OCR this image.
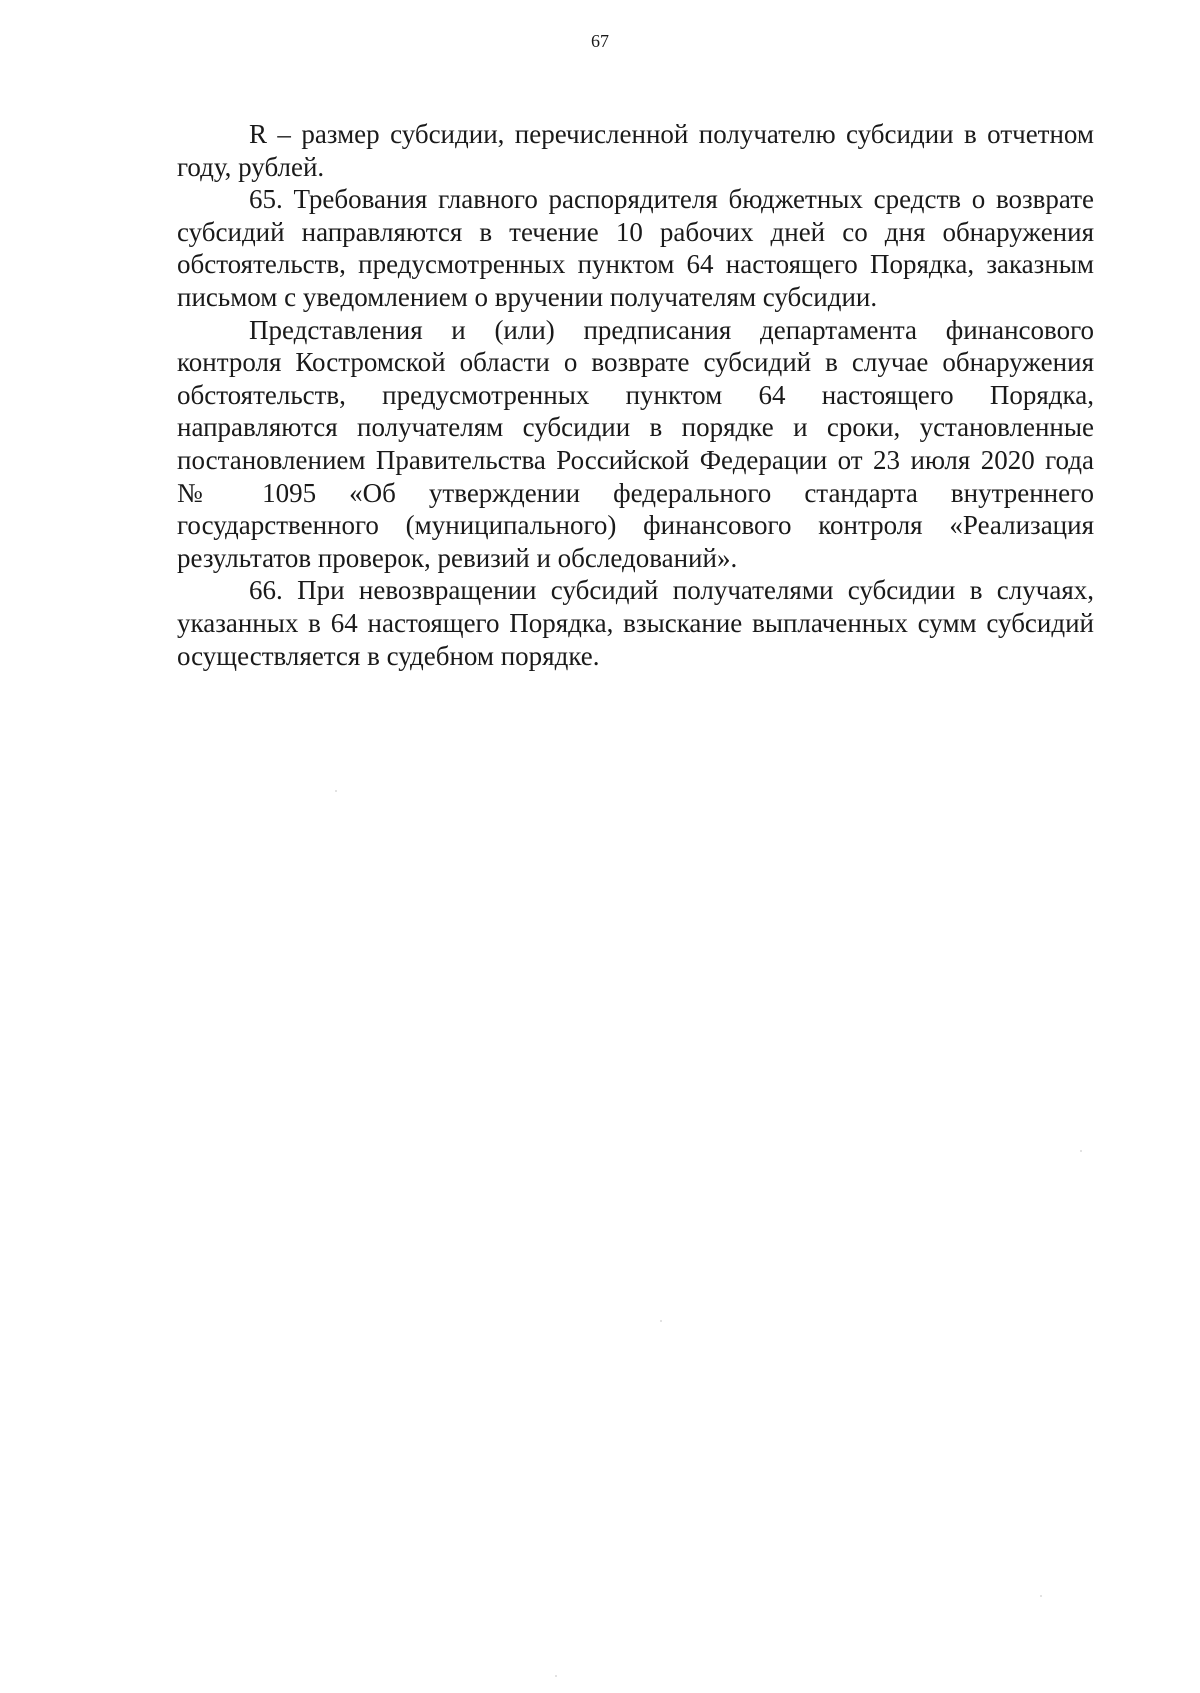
67

R – размер субсидии, перечисленной получателю субсидии в отчетном году, рублей.

65. Требования главного распорядителя бюджетных средств о возврате субсидий направляются в течение 10 рабочих дней со дня обнаружения обстоятельств, предусмотренных пунктом 64 настоящего Порядка, заказным письмом с уведомлением о вручении получателям субсидии.

Представления и (или) предписания департамента финансового контроля Костромской области о возврате субсидий в случае обнаружения обстоятельств, предусмотренных пунктом 64 настоящего Порядка, направляются получателям субсидии в порядке и сроки, установленные постановлением Правительства Российской Федерации от 23 июля 2020 года № 1095 «Об утверждении федерального стандарта внутреннего государственного (муниципального) финансового контроля «Реализация результатов проверок, ревизий и обследований».

66. При невозвращении субсидий получателями субсидии в случаях, указанных в 64 настоящего Порядка, взыскание выплаченных сумм субсидий осуществляется в судебном порядке.
